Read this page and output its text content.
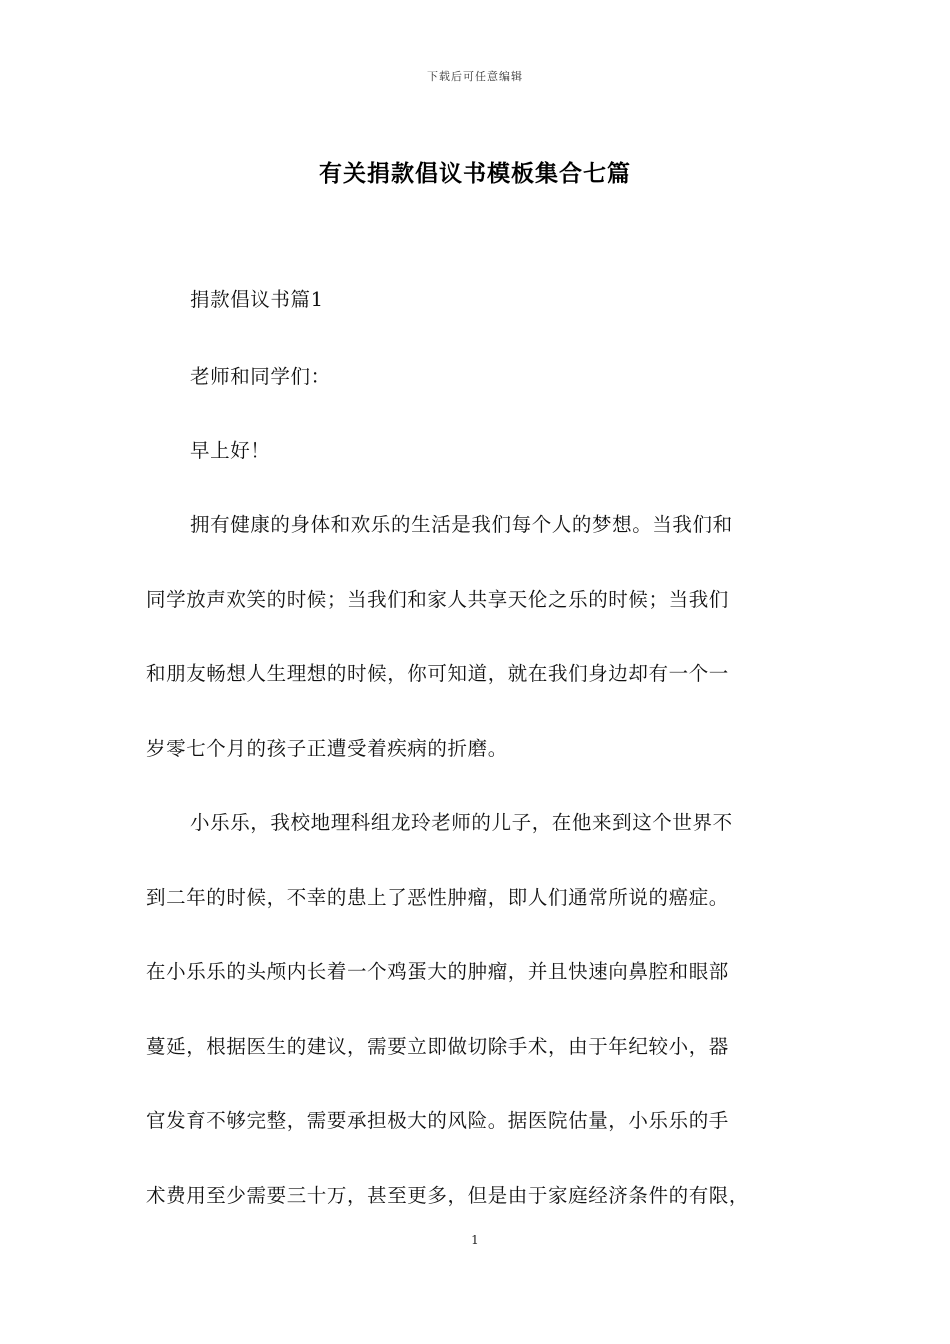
下载后可任意编辑
有关捐款倡议书模板集合七篇
捐款倡议书篇1
老师和同学们：
早上好！
拥有健康的身体和欢乐的生活是我们每个人的梦想。当我们和
同学放声欢笑的时候；当我们和家人共享天伦之乐的时候；当我们
和朋友畅想人生理想的时候，你可知道，就在我们身边却有一个一
岁零七个月的孩子正遭受着疾病的折磨。
小乐乐，我校地理科组龙玲老师的儿子，在他来到这个世界不
到二年的时候，不幸的患上了恶性肿瘤，即人们通常所说的癌症。
在小乐乐的头颅内长着一个鸡蛋大的肿瘤，并且快速向鼻腔和眼部
蔓延，根据医生的建议，需要立即做切除手术，由于年纪较小，器
官发育不够完整，需要承担极大的风险。据医院估量，小乐乐的手
术费用至少需要三十万，甚至更多，但是由于家庭经济条件的有限，
1
